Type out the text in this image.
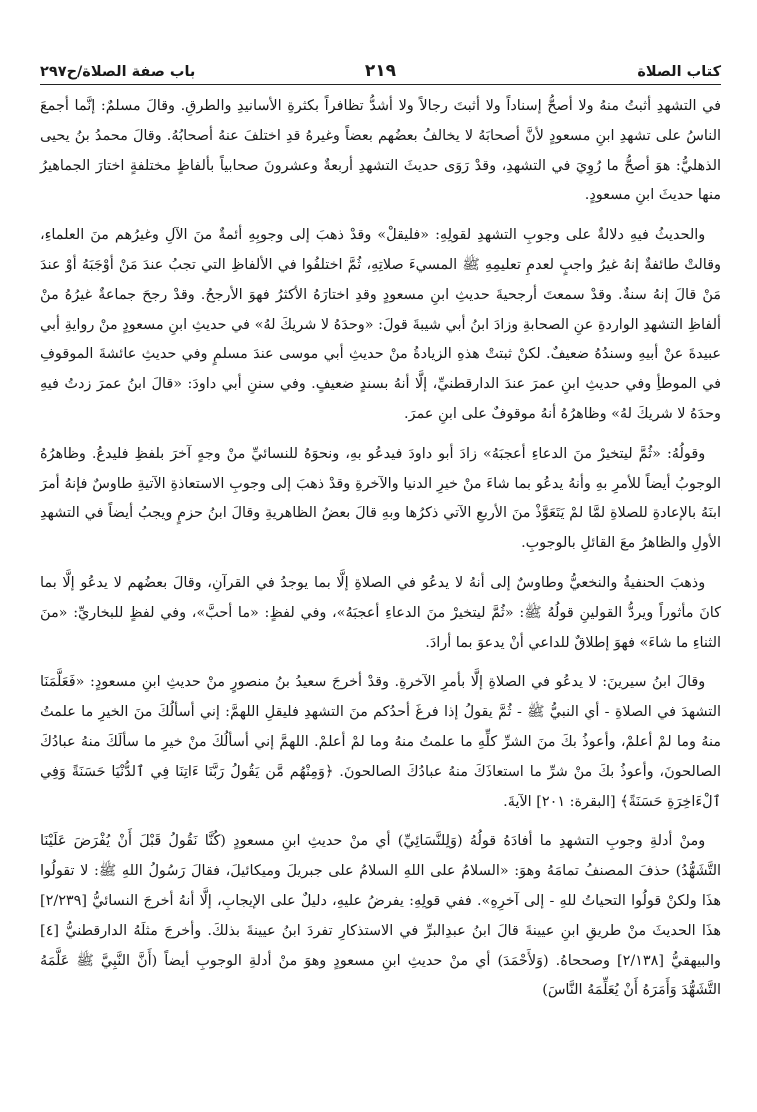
كتاب الصلاة
٢١٩
باب صفة الصلاة/ح٢٩٧

في التشهدِ أثبتُ منهُ ولا أصحُّ إسناداً ولا أثبتَ رجالاً ولا أشدُّ تظافراً بكثرةِ الأسانيدِ والطرقِ. وقالَ مسلمٌ: إنَّما أجمعَ الناسُ على تشهدِ ابنِ مسعودٍ لأنَّ أصحابَهُ لا يخالفُ بعضُهم بعضاً وغيرهُ قدِ اختلفَ عنهُ أصحابُهُ. وقالَ محمدُ بنُ يحيى الذهليُّ: هوَ أصحُّ ما رُوِيَ في التشهدِ، وقدْ رَوَى حديثَ التشهدِ أربعةٌ وعشرونَ صحابياً بألفاظٍ مختلفةٍ اختارَ الجماهيرُ منها حديثَ ابنِ مسعودٍ.

والحديثُ فيهِ دلالةٌ على وجوبِ التشهدِ لقولِهِ: «فليقلْ» وقدْ ذهبَ إلى وجوبِهِ أئمةٌ منَ الآلِ وغيرُهم منَ العلماءِ، وقالتْ طائفةٌ إنهُ غيرُ واجبٍ لعدمِ تعليمِهِ ﷺ المسيءَ صلاتِهِ، ثُمَّ اختلفُوا في الألفاظِ التي تجبُ عندَ مَنْ أوْجَبَهُ أوْ عندَ مَنْ قالَ إنهُ سنةٌ. وقدْ سمعتَ أرجحيةَ حديثِ ابنِ مسعودٍ وقدِ اختارَهُ الأكثرُ فهوَ الأرجحُ. وقدْ رجحَ جماعةٌ غيرُهُ منْ ألفاظِ التشهدِ الواردةِ عنِ الصحابةِ وزادَ ابنُ أبي شيبةَ قولَ: «وحدَهُ لا شريكَ لهُ» في حديثِ ابنِ مسعودٍ منْ روايةِ أبي عبيدةَ عنْ أبيهِ وسندُهُ ضعيفٌ. لكنْ ثبتتْ هذهِ الزيادةُ منْ حديثِ أبي موسى عندَ مسلمٍ وفي حديثِ عائشةَ الموقوفِ في الموطأِ وفي حديثِ ابنِ عمرَ عندَ الدارقطنيِّ، إلَّا أنهُ بسندٍ ضعيفٍ. وفي سننِ أبي داودَ: «قالَ ابنُ عمرَ زدتُ فيهِ وحدَهُ لا شريكَ لهُ» وظاهرُهُ أنهُ موقوفٌ على ابنِ عمرَ.

وقولُهُ: «ثُمَّ ليتخيرْ منَ الدعاءِ أعجبَهُ» زادَ أبو داودَ فيدعُو بهِ، ونحوَهُ للنسائيِّ منْ وجهٍ آخرَ بلفظِ فليدعُ. وظاهرُهُ الوجوبُ أيضاً للأمرِ بهِ وأنهُ يدعُو بما شاءَ منْ خيرِ الدنيا والآخرةِ وقدْ ذهبَ إلى وجوبِ الاستعاذةِ الآتيةِ طاوسٌ فإنهُ أمرَ ابنَهُ بالإعادةِ للصلاةِ لمَّا لمْ يَتَعَوَّذْ منَ الأربعِ الآتي ذكرُها وبهِ قالَ بعضُ الظاهريةِ وقالَ ابنُ حزمٍ ويجبُ أيضاً في التشهدِ الأولِ والظاهرُ معَ القائلِ بالوجوبِ.

وذهبَ الحنفيةُ والنخعيُّ وطاوسٌ إلى أنهُ لا يدعُو في الصلاةِ إلَّا بما يوجدُ في القرآنِ، وقالَ بعضُهم لا يدعُو إلَّا بما كانَ مأثوراً ويردُّ القولينِ قولُهُ ﷺ: «ثُمَّ ليتخيرْ منَ الدعاءِ أعجبَهُ»، وفي لفظٍ: «ما أحبَّ»، وفي لفظٍ للبخاريِّ: «منَ الثناءِ ما شاءَ» فهوَ إطلاقٌ للداعي أنْ يدعوَ بما أرادَ.

وقالَ ابنُ سيرينَ: لا يدعُو في الصلاةِ إلَّا بأمرِ الآخرةِ. وقدْ أخرجَ سعيدُ بنُ منصورٍ منْ حديثِ ابنِ مسعودٍ: «فَعَلَّمَنَا التشهدَ في الصلاةِ - أي النبيُّ ﷺ - ثُمَّ يقولُ إذا فرغَ أحدُكم منَ التشهدِ فليقلِ اللهمَّ: إني أسألُكَ منَ الخيرِ ما علمتُ منهُ وما لمْ أعلمْ، وأعوذُ بكَ منَ الشرِّ كلِّهِ ما علمتُ منهُ وما لمْ أعلمْ. اللهمَّ إني أسألُكَ منْ خيرِ ما سألَكَ منهُ عبادُكَ الصالحونَ، وأعوذُ بكَ منْ شرِّ ما استعاذَكَ منهُ عبادُكَ الصالحونَ. ﴿وَمِنْهُم مَّن يَقُولُ رَبَّنَا ءَاتِنَا فِي ٱلدُّنْيَا حَسَنَةً وَفِي ٱلْءَاخِرَةِ حَسَنَةً﴾ [البقرة: ٢٠١] الآيةَ.

ومنْ أدلةِ وجوبِ التشهدِ ما أفادَهُ قولُهُ (وَلِلنَّسَائِيِّ) أي منْ حديثِ ابنِ مسعودٍ (كُنَّا نَقُولُ قَبْلَ أَنْ يُفْرَضَ عَلَيْنَا التَّشَهُّدُ) حذفَ المصنفُ تمامَهُ وهوَ: «السلامُ على اللهِ السلامُ على جبريلَ وميكائيلَ، فقالَ رَسُولُ اللهِ ﷺ: لا تقولُوا هذَا ولكنْ قولُوا التحياتُ للهِ - إلى آخرِهِ». ففي قولِهِ: يفرضُ عليهِ، دليلٌ على الإيجابِ، إلَّا أنهُ أخرجَ النسائيُّ [٢/٢٣٩] هذَا الحديثَ منْ طريقِ ابنِ عيينةَ قالَ ابنُ عبدِالبرِّ في الاستذكارِ تفردَ ابنُ عيينةَ بذلكَ. وأخرجَ مثلَهُ الدارقطنيُّ [٤] والبيهقيُّ [٢/١٣٨] وصححاهُ. (وَلأَحْمَدَ) أي منْ حديثِ ابنِ مسعودٍ وهوَ منْ أدلةِ الوجوبِ أيضاً (أَنَّ النَّبِيَّ ﷺ عَلَّمَهُ التَّشَهُّدَ وَأَمَرَهُ أَنْ يُعَلِّمَهُ النَّاسَ)
